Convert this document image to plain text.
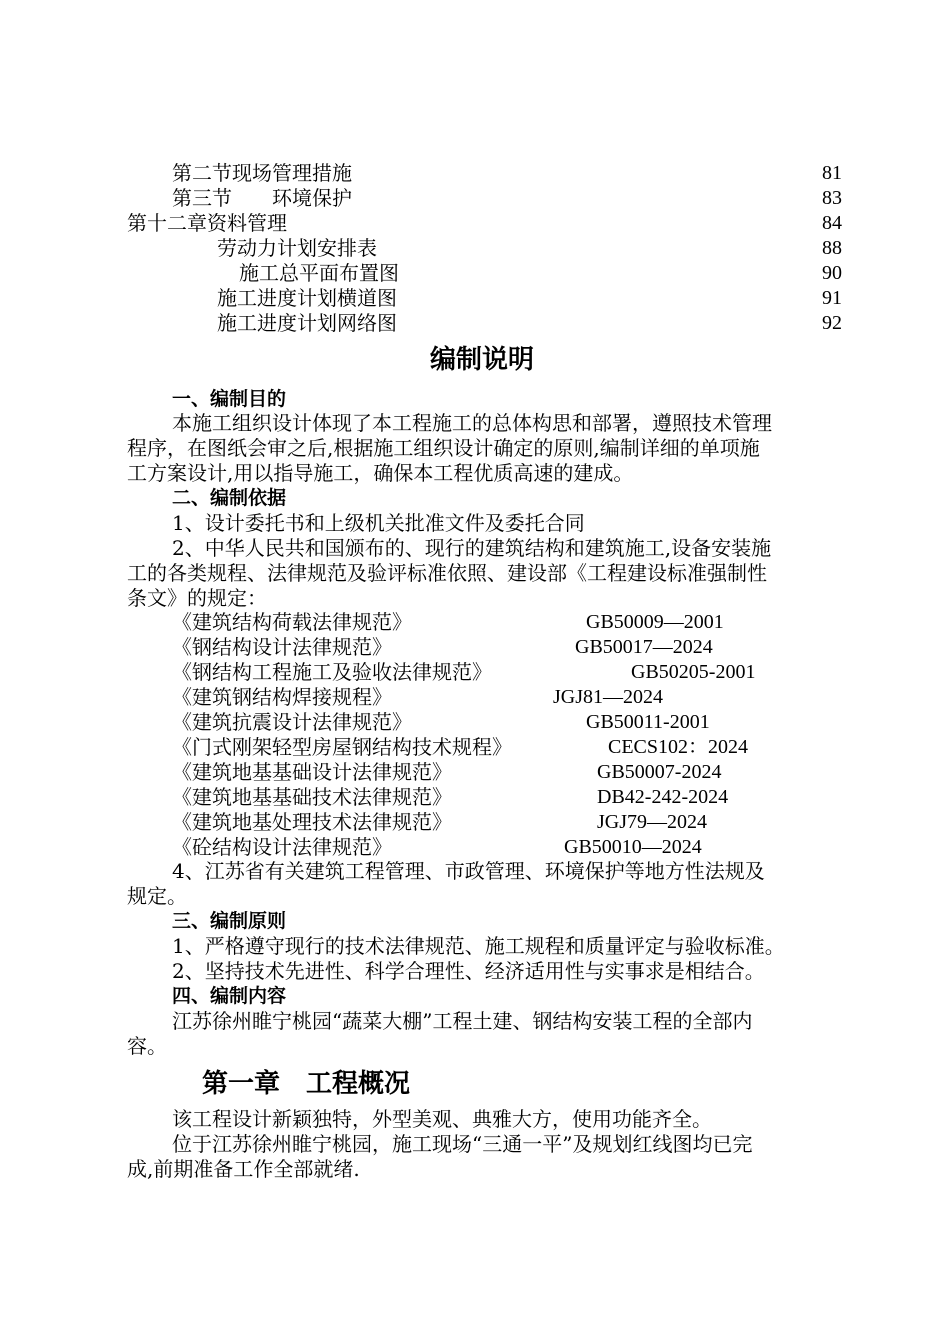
第二节现场管理措施	81
第三节　　环境保护	83
第十二章资料管理	84
劳动力计划安排表	88
施工总平面布置图	90
施工进度计划横道图	91
施工进度计划网络图	92
编制说明
一、编制目的
本施工组织设计体现了本工程施工的总体构思和部署，遵照技术管理
程序，在图纸会审之后,根据施工组织设计确定的原则,编制详细的单项施
工方案设计,用以指导施工，确保本工程优质高速的建成。
二、编制依据
1、设计委托书和上级机关批准文件及委托合同
2、中华人民共和国颁布的、现行的建筑结构和建筑施工,设备安装施
工的各类规程、法律规范及验评标准依照、建设部《工程建设标准强制性
条文》的规定：
《建筑结构荷载法律规范》	GB50009—2001
《钢结构设计法律规范》	GB50017—2024
《钢结构工程施工及验收法律规范》	GB50205-2001
《建筑钢结构焊接规程》	JGJ81—2024
《建筑抗震设计法律规范》	GB50011-2001
《门式刚架轻型房屋钢结构技术规程》	CECS102：2024
《建筑地基基础设计法律规范》	GB50007-2024
《建筑地基基础技术法律规范》	DB42-242-2024
《建筑地基处理技术法律规范》	JGJ79—2024
《砼结构设计法律规范》	GB50010—2024
4、江苏省有关建筑工程管理、市政管理、环境保护等地方性法规及
规定。
三、编制原则
1、严格遵守现行的技术法律规范、施工规程和质量评定与验收标准。
2、坚持技术先进性、科学合理性、经济适用性与实事求是相结合。
四、编制内容
江苏徐州睢宁桃园“蔬菜大棚”工程土建、钢结构安装工程的全部内
容。
第一章　工程概况
该工程设计新颖独特，外型美观、典雅大方，使用功能齐全。
位于江苏徐州睢宁桃园，施工现场“三通一平”及规划红线图均已完
成,前期准备工作全部就绪.
